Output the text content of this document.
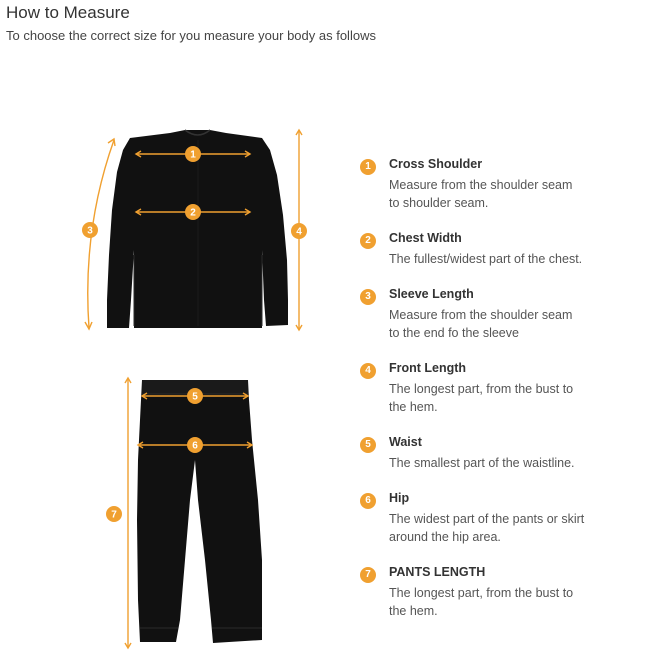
How to Measure
To choose the correct size for you measure your body as follows
1
2
3	4
5
6
7
1	Cross Shoulder
Measure from the shoulder seam
to shoulder seam.
2	Chest Width
The fullest/widest part of the chest.
3	Sleeve Length
Measure from the shoulder seam
to the end fo the sleeve
4	Front Length
The longest part, from the bust to
the hem.
5	Waist
The smallest part of the waistline.
6	Hip
The widest part of the pants or skirt
around the hip area.
7	PANTS LENGTH
The longest part, from the bust to
the hem.
